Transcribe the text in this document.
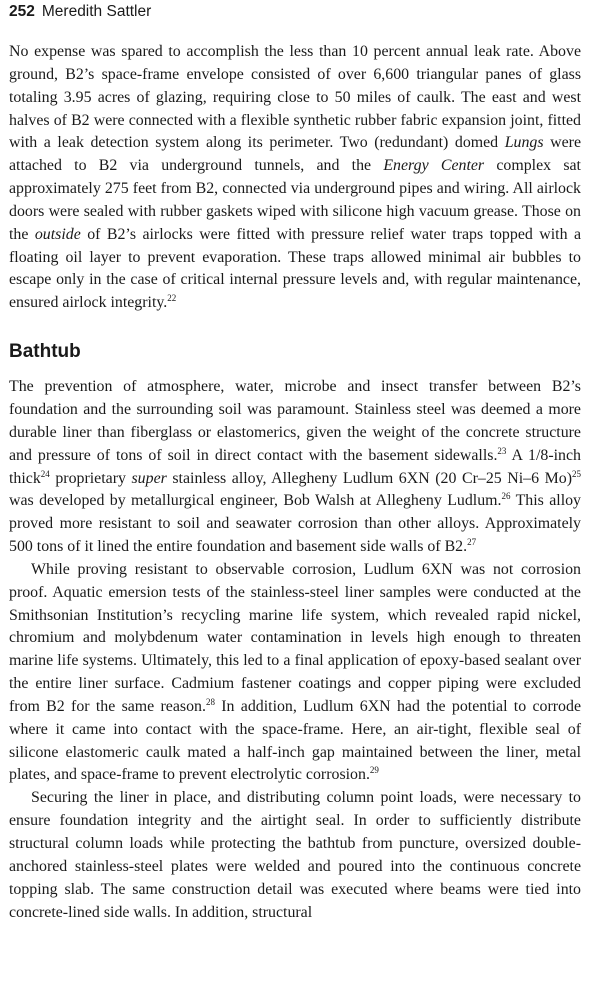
252 Meredith Sattler

No expense was spared to accomplish the less than 10 percent annual leak rate. Above ground, B2’s space-frame envelope consisted of over 6,600 triangular panes of glass totaling 3.95 acres of glazing, requiring close to 50 miles of caulk. The east and west halves of B2 were connected with a flexible synthetic rubber fabric expansion joint, fitted with a leak detection system along its perimeter. Two (redundant) domed Lungs were attached to B2 via underground tunnels, and the Energy Center complex sat approximately 275 feet from B2, connected via underground pipes and wiring. All airlock doors were sealed with rubber gaskets wiped with silicone high vacuum grease. Those on the outside of B2’s airlocks were fitted with pressure relief water traps topped with a floating oil layer to prevent evaporation. These traps allowed minimal air bubbles to escape only in the case of critical internal pressure levels and, with regular maintenance, ensured airlock integrity.$^{22}$

Bathtub

The prevention of atmosphere, water, microbe and insect transfer between B2’s foundation and the surrounding soil was paramount. Stainless steel was deemed a more durable liner than fiberglass or elastomerics, given the weight of the concrete structure and pressure of tons of soil in direct contact with the basement sidewalls.$^{23}$ A 1/8-inch thick$^{24}$ proprietary super stainless alloy, Allegheny Ludlum 6XN (20 Cr–25 Ni–6 Mo)$^{25}$ was developed by metallurgical engineer, Bob Walsh at Allegheny Ludlum.$^{26}$ This alloy proved more resistant to soil and seawater corrosion than other alloys. Approximately 500 tons of it lined the entire foundation and basement side walls of B2.27

While proving resistant to observable corrosion, Ludlum 6XN was not corrosion proof. Aquatic emersion tests of the stainless-steel liner samples were conducted at the Smithsonian Institution’s recycling marine life system, which revealed rapid nickel, chromium and molybdenum water contamination in levels high enough to threaten marine life systems. Ultimately, this led to a final application of epoxy-based sealant over the entire liner surface. Cadmium fastener coatings and copper piping were excluded from B2 for the same reason.$^{28}$ In addition, Ludlum 6XN had the potential to corrode where it came into contact with the space-frame. Here, an air-tight, flexible seal of silicone elastomeric caulk mated a half-inch gap maintained between the liner, metal plates, and space-frame to prevent electrolytic corrosion.$^{29}$

Securing the liner in place, and distributing column point loads, were necessary to ensure foundation integrity and the airtight seal. In order to sufficiently distribute structural column loads while protecting the bathtub from puncture, oversized double-anchored stainless-steel plates were welded and poured into the continuous concrete topping slab. The same construction detail was executed where beams were tied into concrete-lined side walls. In addition, structural
